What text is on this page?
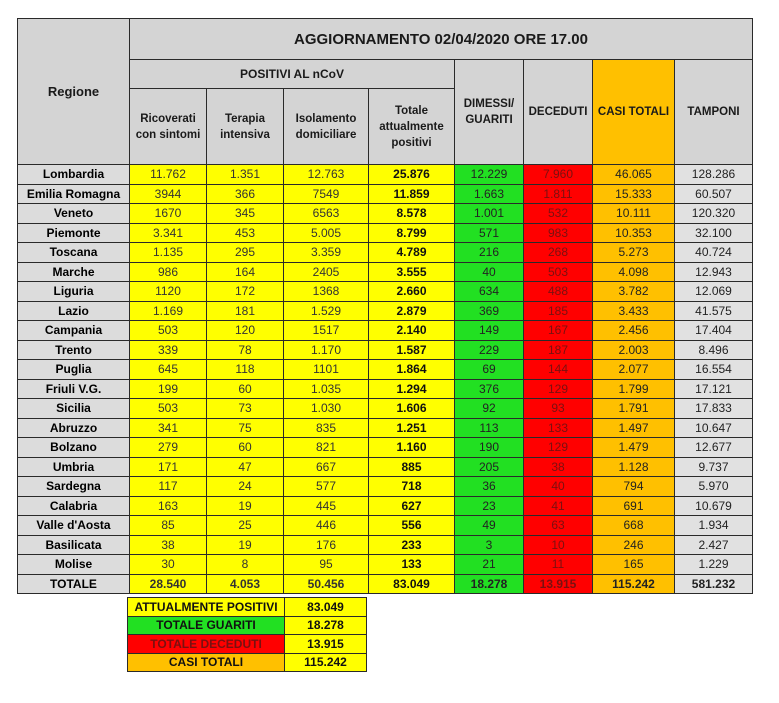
Regione	AGGIORNAMENTO 02/04/2020 ORE 17.00							
	POSITIVI AL nCoV				DIMESSI/ GUARITI	DECEDUTI	CASI TOTALI	TAMPONI
	Ricoverati con sintomi	Terapia intensiva	Isolamento domiciliare	Totale attualmente positivi				
Lombardia	11.762	1.351	12.763	25.876	12.229	7.960	46.065	128.286
Emilia Romagna	3944	366	7549	11.859	1.663	1.811	15.333	60.507
Veneto	1670	345	6563	8.578	1.001	532	10.111	120.320
Piemonte	3.341	453	5.005	8.799	571	983	10.353	32.100
Toscana	1.135	295	3.359	4.789	216	268	5.273	40.724
Marche	986	164	2405	3.555	40	503	4.098	12.943
Liguria	1120	172	1368	2.660	634	488	3.782	12.069
Lazio	1.169	181	1.529	2.879	369	185	3.433	41.575
Campania	503	120	1517	2.140	149	167	2.456	17.404
Trento	339	78	1.170	1.587	229	187	2.003	8.496
Puglia	645	118	1101	1.864	69	144	2.077	16.554
Friuli V.G.	199	60	1.035	1.294	376	129	1.799	17.121
Sicilia	503	73	1.030	1.606	92	93	1.791	17.833
Abruzzo	341	75	835	1.251	113	133	1.497	10.647
Bolzano	279	60	821	1.160	190	129	1.479	12.677
Umbria	171	47	667	885	205	38	1.128	9.737
Sardegna	117	24	577	718	36	40	794	5.970
Calabria	163	19	445	627	23	41	691	10.679
Valle d'Aosta	85	25	446	556	49	63	668	1.934
Basilicata	38	19	176	233	3	10	246	2.427
Molise	30	8	95	133	21	11	165	1.229
TOTALE	28.540	4.053	50.456	83.049	18.278	13.915	115.242	581.232
ATTUALMENTE POSITIVI	83.049
TOTALE GUARITI	18.278
TOTALE DECEDUTI	13.915
CASI TOTALI	115.242
